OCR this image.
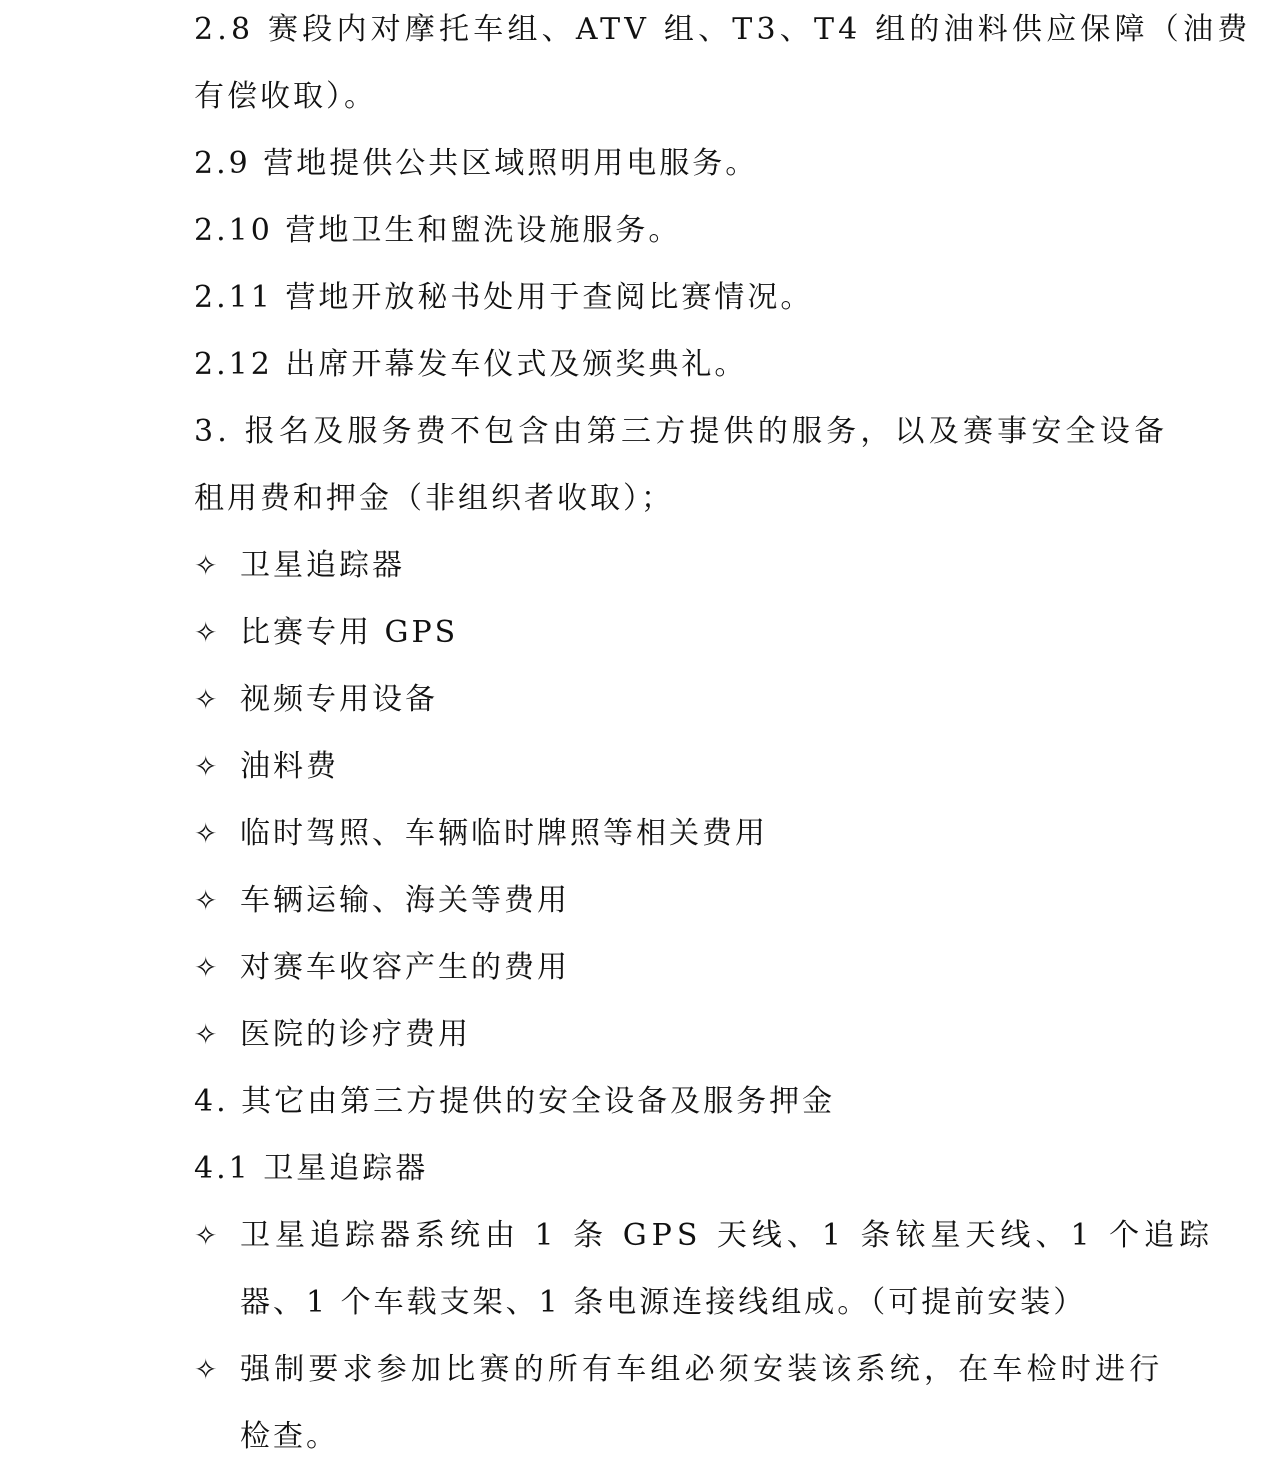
2.8 赛段内对摩托车组、ATV 组、T3、T4 组的油料供应保障（油费
有偿收取）。
2.9 营地提供公共区域照明用电服务。
2.10 营地卫生和盥洗设施服务。
2.11 营地开放秘书处用于查阅比赛情况。
2.12 出席开幕发车仪式及颁奖典礼。
3. 报名及服务费不包含由第三方提供的服务，以及赛事安全设备
租用费和押金（非组织者收取）；
✧ 卫星追踪器
✧ 比赛专用 GPS
✧ 视频专用设备
✧ 油料费
✧ 临时驾照、车辆临时牌照等相关费用
✧ 车辆运输、海关等费用
✧ 对赛车收容产生的费用
✧ 医院的诊疗费用
4. 其它由第三方提供的安全设备及服务押金
4.1 卫星追踪器
✧ 卫星追踪器系统由 1 条 GPS 天线、1 条铱星天线、1 个追踪
器、1 个车载支架、1 条电源连接线组成。（可提前安装）
✧ 强制要求参加比赛的所有车组必须安装该系统，在车检时进行
检查。
